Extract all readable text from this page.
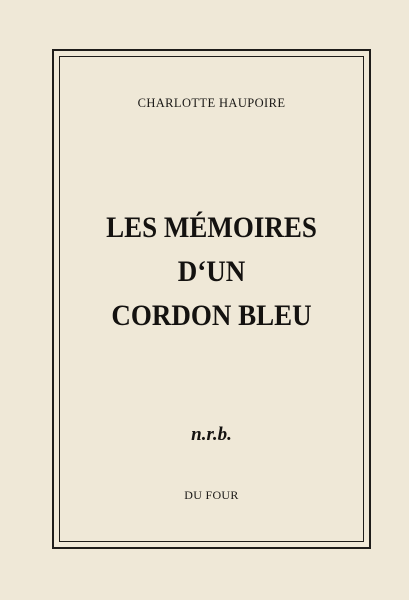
CHARLOTTE HAUPOIRE
LES MÉMOIRES
D‘UN
CORDON BLEU
n.r.b.
DU FOUR
